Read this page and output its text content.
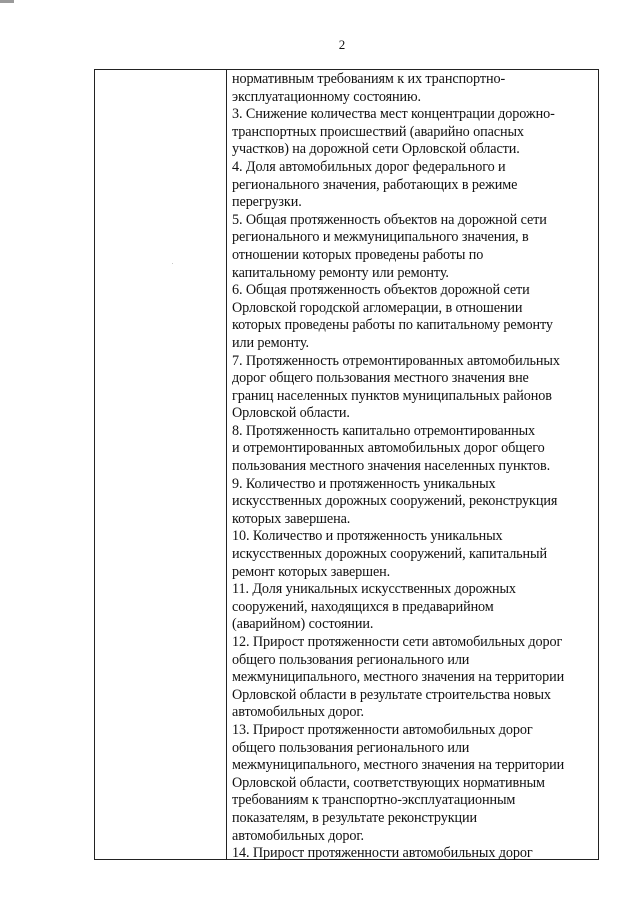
2
нормативным требованиям к их транспортно-
эксплуатационному состоянию.
3. Снижение количества мест концентрации дорожно-
транспортных происшествий (аварийно опасных
участков) на дорожной сети Орловской области.
4. Доля автомобильных дорог федерального и
регионального значения, работающих в режиме
перегрузки.
5. Общая протяженность объектов на дорожной сети
регионального и межмуниципального значения, в
отношении которых проведены работы по
капитальному ремонту или ремонту.
6. Общая протяженность объектов дорожной сети
Орловской городской агломерации, в отношении
которых проведены работы по капитальному ремонту
или ремонту.
7. Протяженность отремонтированных автомобильных
дорог общего пользования местного значения вне
границ населенных пунктов муниципальных районов
Орловской области.
8. Протяженность капитально отремонтированных
и отремонтированных автомобильных дорог общего
пользования местного значения населенных пунктов.
9. Количество и протяженность уникальных
искусственных дорожных сооружений, реконструкция
которых завершена.
10. Количество и протяженность уникальных
искусственных дорожных сооружений, капитальный
ремонт которых завершен.
11. Доля уникальных искусственных дорожных
сооружений, находящихся в предаварийном
(аварийном) состоянии.
12. Прирост протяженности сети автомобильных дорог
общего пользования регионального или
межмуниципального, местного значения на территории
Орловской области в результате строительства новых
автомобильных дорог.
13. Прирост протяженности автомобильных дорог
общего пользования регионального или
межмуниципального, местного значения на территории
Орловской области, соответствующих нормативным
требованиям к транспортно-эксплуатационным
показателям, в результате реконструкции
автомобильных дорог.
14. Прирост протяженности автомобильных дорог
